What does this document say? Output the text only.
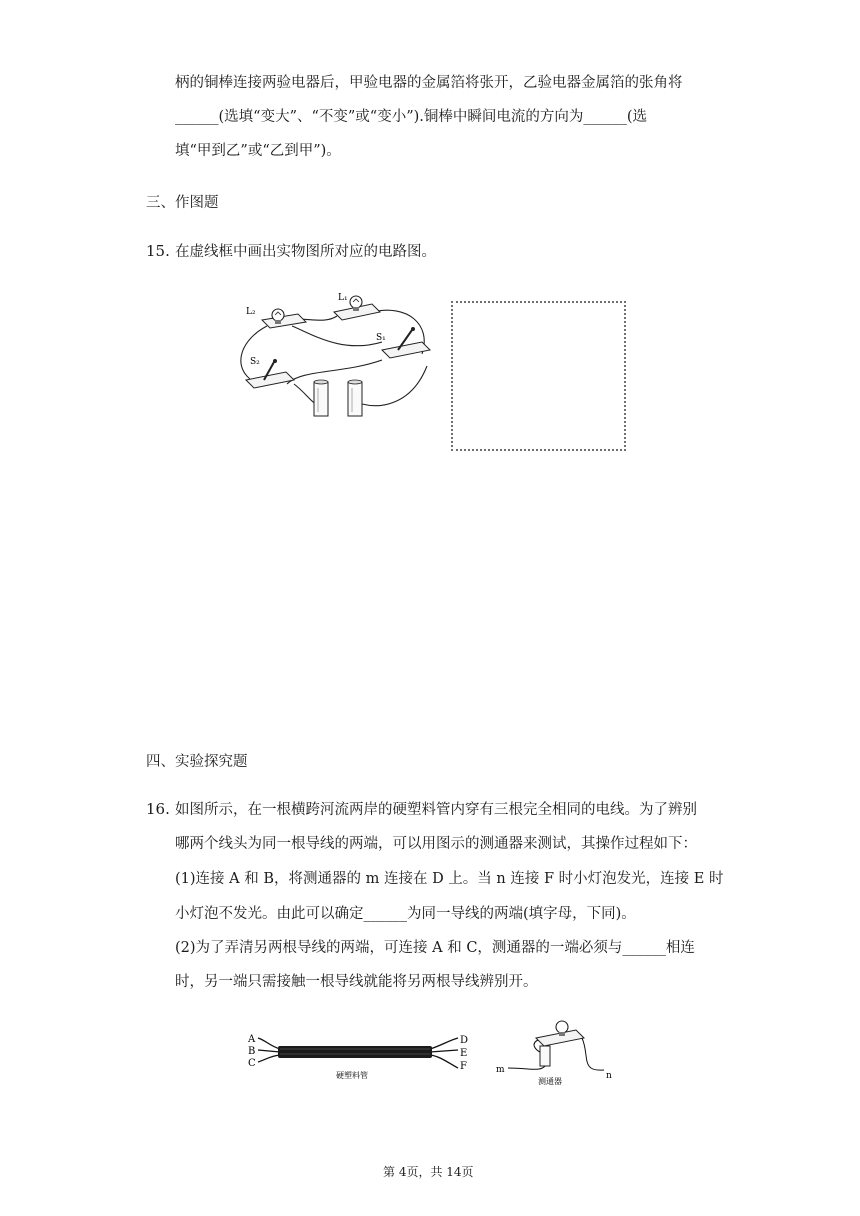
柄的铜棒连接两验电器后，甲验电器的金属箔将张开，乙验电器金属箔的张角将
______(选填“变大”、“不变”或“变小”).铜棒中瞬间电流的方向为______(选
填“甲到乙”或“乙到甲”)。
三、作图题
15. 在虚线框中画出实物图所对应的电路图。
L₁
L₂
S₁
S₂
四、实验探究题
16. 如图所示，在一根横跨河流两岸的硬塑料管内穿有三根完全相同的电线。为了辨别
哪两个线头为同一根导线的两端，可以用图示的测通器来测试，其操作过程如下：
(1)连接 A 和 B，将测通器的 m 连接在 D 上。当 n 连接 F 时小灯泡发光，连接 E 时
小灯泡不发光。由此可以确定______为同一导线的两端(填字母，下同)。
(2)为了弄清另两根导线的两端，可连接 A 和 C，测通器的一端必须与______相连
时，另一端只需接触一根导线就能将另两根导线辨别开。
A
B
C
D
E
F
硬塑料管
m
n
测通器
第 4页，共 14页
